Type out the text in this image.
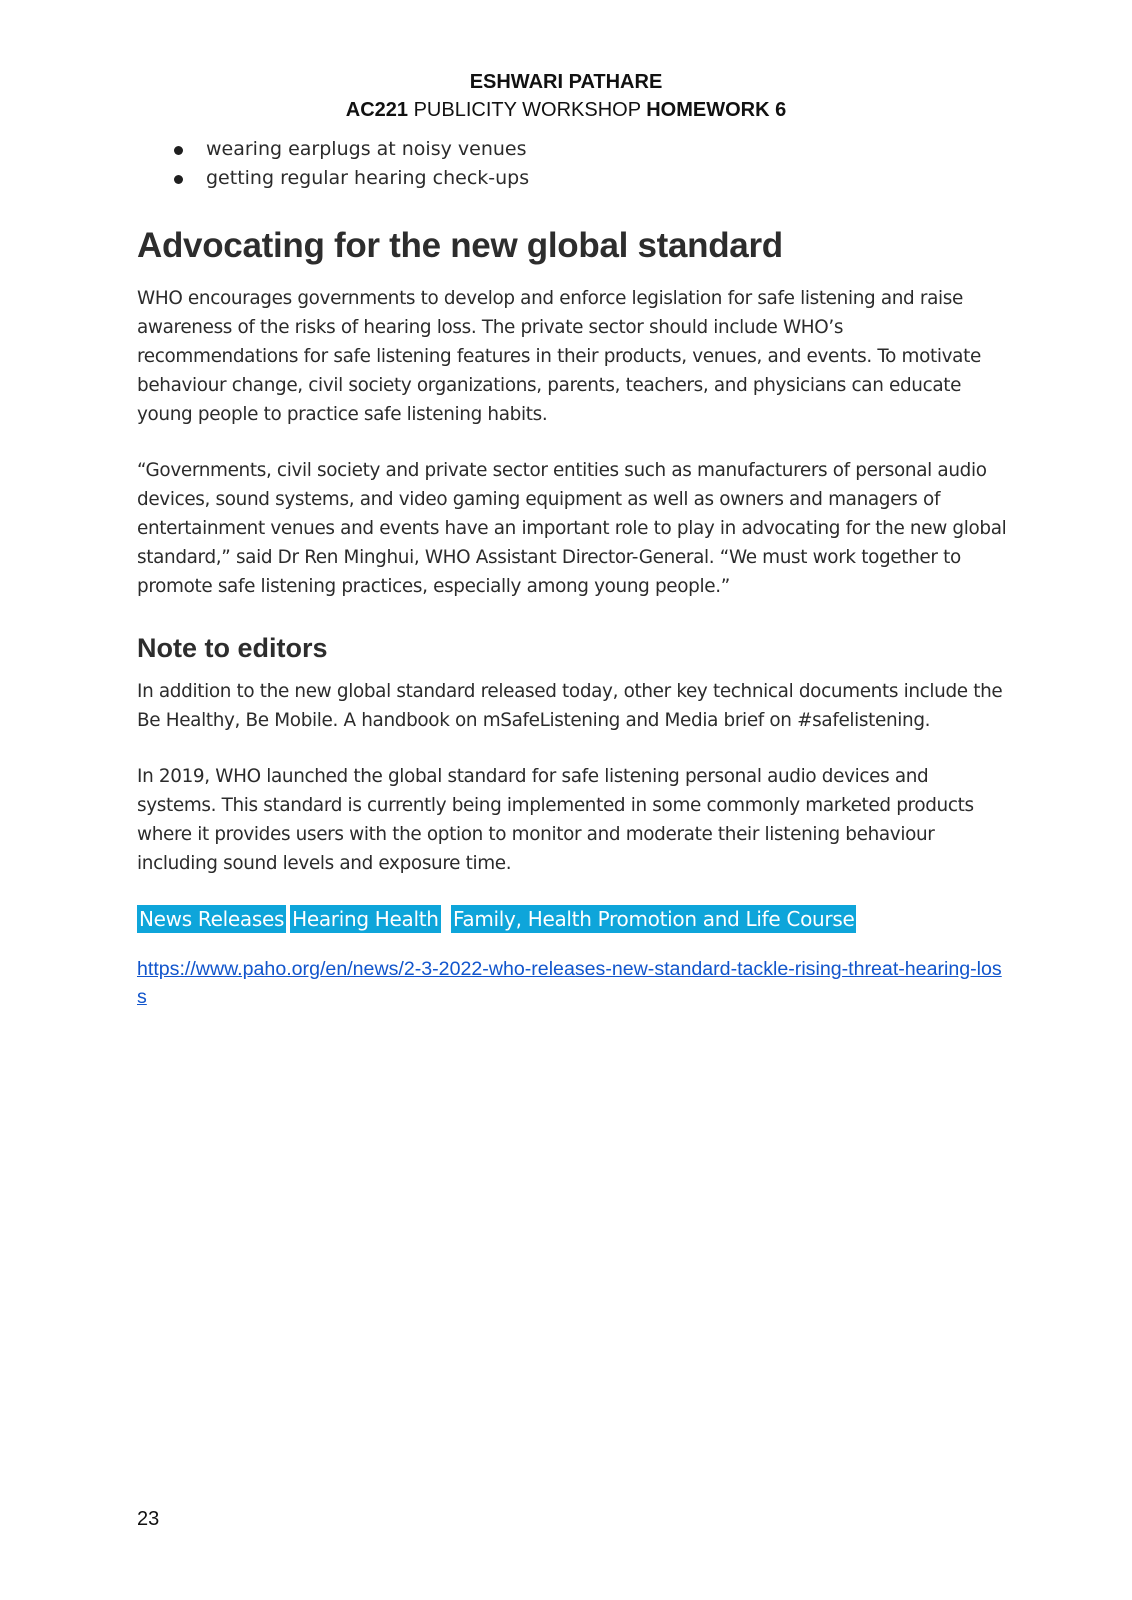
ESHWARI PATHARE
AC221 PUBLICITY WORKSHOP HOMEWORK 6
wearing earplugs at noisy venues
getting regular hearing check-ups
Advocating for the new global standard

WHO encourages governments to develop and enforce legislation for safe listening and raise awareness of the risks of hearing loss. The private sector should include WHO’s recommendations for safe listening features in their products, venues, and events. To motivate behaviour change, civil society organizations, parents, teachers, and physicians can educate young people to practice safe listening habits.

“Governments, civil society and private sector entities such as manufacturers of personal audio devices, sound systems, and video gaming equipment as well as owners and managers of entertainment venues and events have an important role to play in advocating for the new global standard,” said Dr Ren Minghui, WHO Assistant Director-General. “We must work together to promote safe listening practices, especially among young people.”

Note to editors

In addition to the new global standard released today, other key technical documents include the Be Healthy, Be Mobile. A handbook on mSafeListening and Media brief on #safelistening.

In 2019, WHO launched the global standard for safe listening personal audio devices and systems. This standard is currently being implemented in some commonly marketed products where it provides users with the option to monitor and moderate their listening behaviour including sound levels and exposure time.

News Releases Hearing Health Family, Health Promotion and Life Course
https://www.paho.org/en/news/2-3-2022-who-releases-new-standard-tackle-rising-threat-hearing-loss
23
